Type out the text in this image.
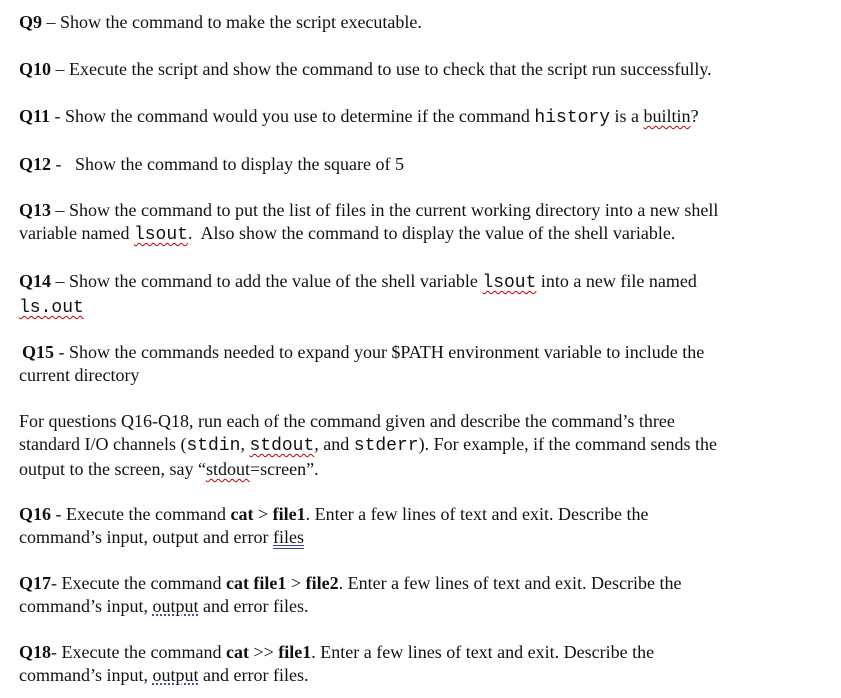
Q9 – Show the command to make the script executable.
Q10 – Execute the script and show the command to use to check that the script run successfully.
Q11 - Show the command would you use to determine if the command history is a builtin?
Q12 -   Show the command to display the square of 5
Q13 – Show the command to put the list of files in the current working directory into a new shell
variable named lsout.  Also show the command to display the value of the shell variable.
Q14 – Show the command to add the value of the shell variable lsout into a new file named
ls.out
Q15 - Show the commands needed to expand your $PATH environment variable to include the
current directory
For questions Q16-Q18, run each of the command given and describe the command’s three
standard I/O channels (stdin, stdout, and stderr). For example, if the command sends the
output to the screen, say “stdout=screen”.
Q16 - Execute the command cat > file1. Enter a few lines of text and exit. Describe the
command’s input, output and error files
Q17- Execute the command cat file1 > file2. Enter a few lines of text and exit. Describe the
command’s input, output and error files.
Q18- Execute the command cat >> file1. Enter a few lines of text and exit. Describe the
command’s input, output and error files.
